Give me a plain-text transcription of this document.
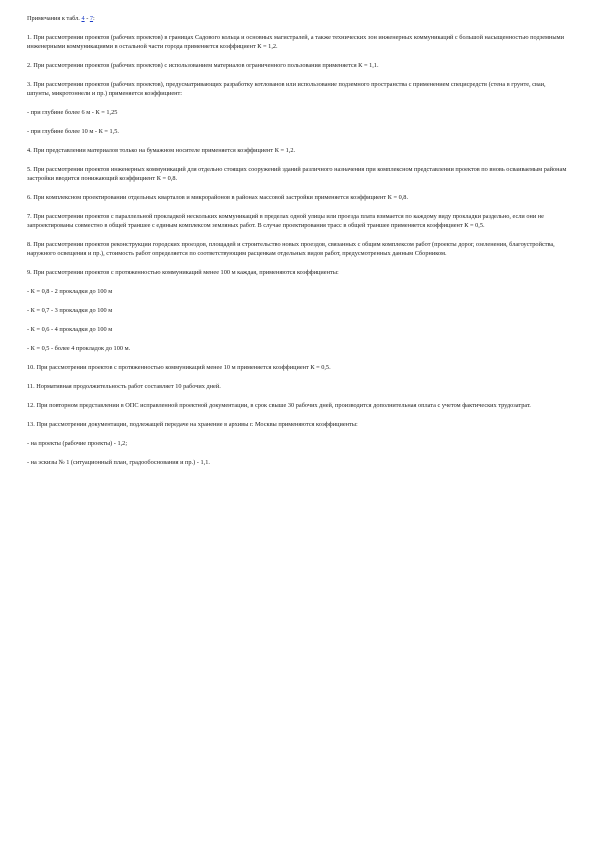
Примечания к табл. 4 - 7:
1. При рассмотрении проектов (рабочих проектов) в границах Садового кольца и основных магистралей, а также технических зон инженерных коммуникаций с большой насыщенностью подземными инженерными коммуникациями в остальной части города применяется коэффициент К = 1,2.
2. При рассмотрении проектов (рабочих проектов) с использованием материалов ограниченного пользования применяется К = 1,1.
3. При рассмотрении проектов (рабочих проектов), предусматривающих разработку котлованов или использование подземного пространства с применением специсредств (стена в грунте, сваи, шпунты, микротоннели и пр.) применяется коэффициент:
- при глубине более 6 м - К = 1,25
- при глубине более 10 м - К = 1,5.
4. При представлении материалов только на бумажном носителе применяется коэффициент К = 1,2.
5. При рассмотрении проектов инженерных коммуникаций для отдельно стоящих сооружений зданий различного назначения при комплексном представлении проектов по вновь осваиваемым районам застройки вводится понижающий коэффициент К = 0,8.
6. При комплексном проектировании отдельных кварталов и микрорайонов в районах массовой застройки применяется коэффициент К = 0,8.
7. При рассмотрении проектов с параллельной прокладкой нескольких коммуникаций в пределах одной улицы или проезда плата взимается по каждому виду прокладки раздельно, если они не запроектированы совместно в общей траншее с единым комплексом земляных работ. В случае проектирования трасс в общей траншее применяется коэффициент К = 0,5.
8. При рассмотрении проектов реконструкции городских проездов, площадей и строительство новых проездов, связанных с общим комплексом работ (проекты дорог, озеленения, благоустройства, наружного освещения и пр.), стоимость работ определяется по соответствующим расценкам отдельных видов работ, предусмотренных данным Сборником.
9. При рассмотрении проектов с протяженностью коммуникаций менее 100 м каждая, применяются коэффициенты:
- К = 0,8 - 2 прокладки до 100 м
- К = 0,7 - 3 прокладки до 100 м
- К = 0,6 - 4 прокладки до 100 м
- К = 0,5 - более 4 прокладок до 100 м.
10. При рассмотрении проектов с протяженностью коммуникаций менее 10 м применяется коэффициент К = 0,5.
11. Нормативная продолжительность работ составляет 10 рабочих дней.
12. При повторном представлении в ОПС исправленной проектной документации, в срок свыше 30 рабочих дней, производится дополнительная оплата с учетом фактических трудозатрат.
13. При рассмотрении документации, подлежащей передаче на хранение в архивы г. Москвы применяются коэффициенты:
- на проекты (рабочие проекты) - 1,2;
- на эскизы № 1 (ситуационный план, градообоснования и пр.) - 1,1.
